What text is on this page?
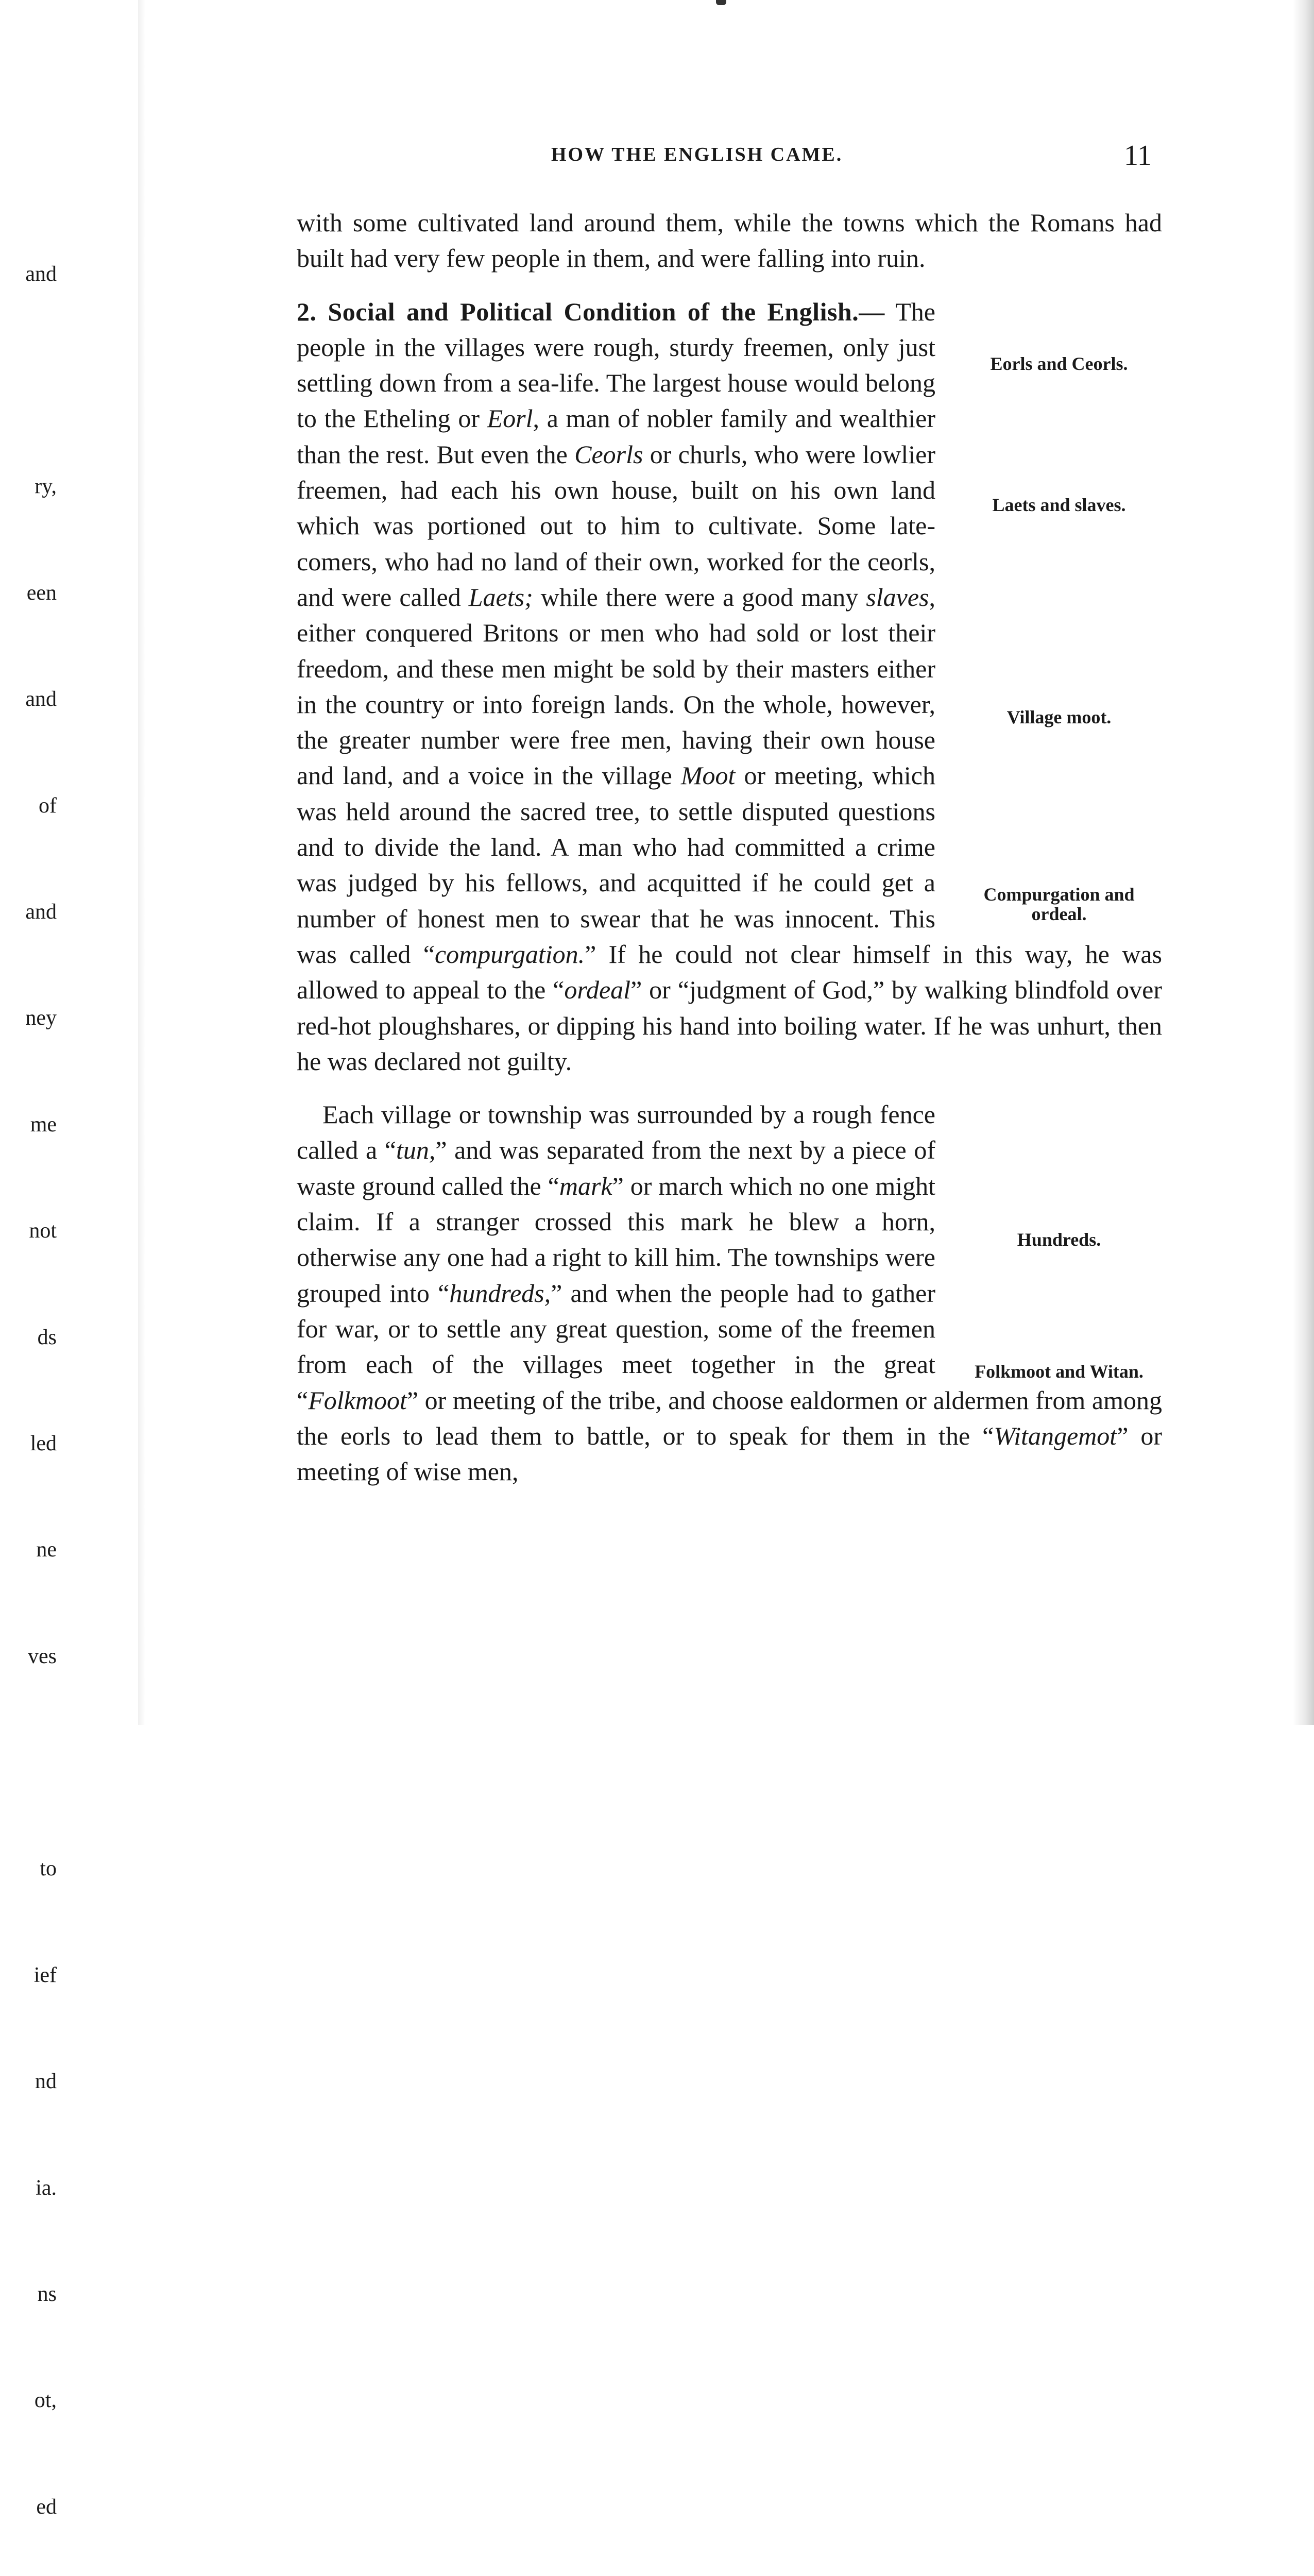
and

ry,

een

and

of

and

ney

me

not

ds

led

ne

ves

to

ief

nd

ia.

ns

ot,

ed

HOW THE ENGLISH CAME.	11

with some cultivated land around them, while the towns which the Romans had built had very few people in them, and were falling into ruin.

Eorls and Ceorls.
Laets and slaves.
Village moot.
Compurgation and ordeal.

2. Social and Political Condition of the English.— The people in the villages were rough, sturdy freemen, only just settling down from a sea-life. The largest house would belong to the Etheling or Eorl, a man of nobler family and wealthier than the rest. But even the Ceorls or churls, who were lowlier freemen, had each his own house, built on his own land which was portioned out to him to cultivate. Some late-comers, who had no land of their own, worked for the ceorls, and were called Laets; while there were a good many slaves, either conquered Britons or men who had sold or lost their freedom, and these men might be sold by their masters either in the country or into foreign lands. On the whole, however, the greater number were free men, having their own house and land, and a voice in the village Moot or meeting, which was held around the sacred tree, to settle disputed questions and to divide the land. A man who had committed a crime was judged by his fellows, and acquitted if he could get a number of honest men to swear that he was innocent. This was called “compurgation.” If he could not clear himself in this way, he was allowed to appeal to the “ordeal” or “judgment of God,” by walking blindfold over red-hot ploughshares, or dipping his hand into boiling water. If he was unhurt, then he was declared not guilty.

Hundreds.
Folkmoot and Witan.

Each village or township was surrounded by a rough fence called a “tun,” and was separated from the next by a piece of waste ground called the “mark” or march which no one might claim. If a stranger crossed this mark he blew a horn, otherwise any one had a right to kill him. The townships were grouped into “hundreds,” and when the people had to gather for war, or to settle any great question, some of the freemen from each of the villages meet together in the great “Folkmoot” or meeting of the tribe, and choose ealdormen or aldermen from among the eorls to lead them to battle, or to speak for them in the “Witangemot” or meeting of wise men,
